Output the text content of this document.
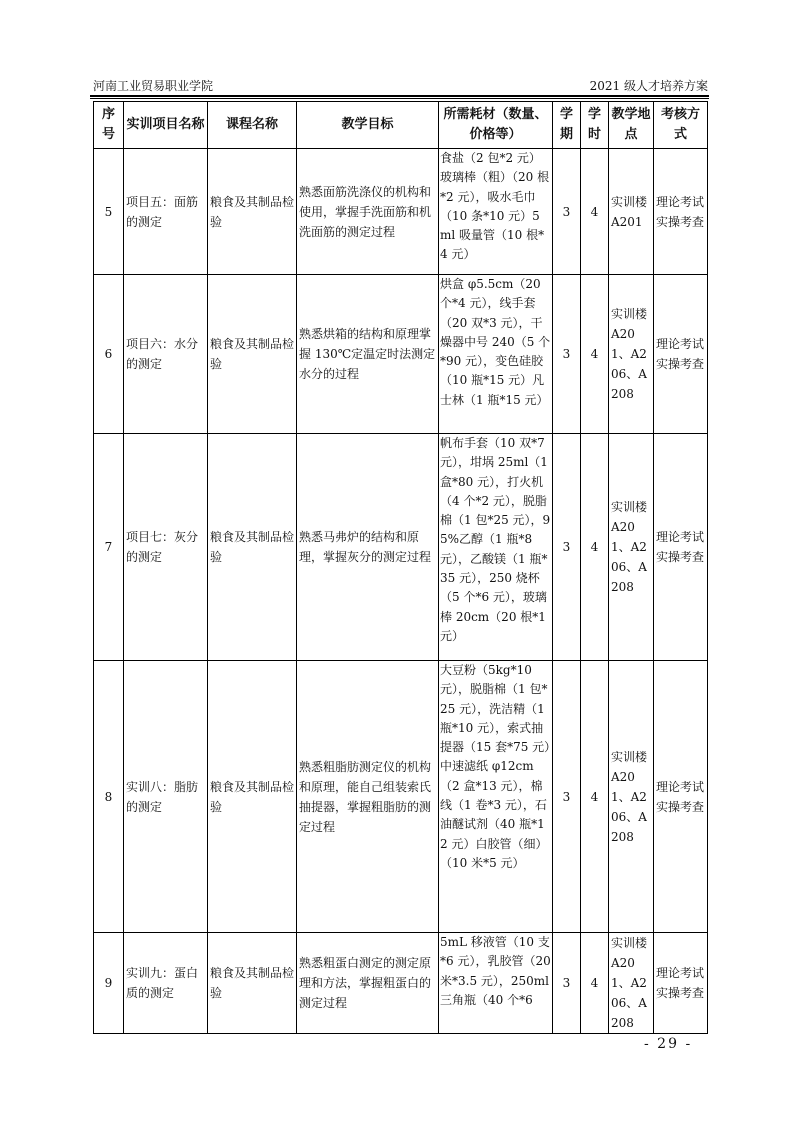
河南工业贸易职业学院	2021 级人才培养方案
序号	实训项目名称	课程名称	教学目标	所需耗材（数量、价格等）	学期	学时	教学地点	考核方式
5	项目五：面筋的测定	粮食及其制品检验	熟悉面筋洗涤仪的机构和使用，掌握手洗面筋和机洗面筋的测定过程	食盐（2 包*2 元）玻璃棒（粗）（20 根*2 元），吸水毛巾（10 条*10 元）5ml 吸量管（10 根*4 元）	3	4	实训楼A201	理论考试实操考查
6	项目六：水分的测定	粮食及其制品检验	熟悉烘箱的结构和原理掌握 130℃定温定时法测定水分的过程	烘盒 φ5.5cm（20 个*4 元），线手套（20 双*3 元），干燥器中号 240（5 个*90 元），变色硅胶（10 瓶*15 元）凡士林（1 瓶*15 元）	3	4	实训楼A201、A206、A208	理论考试实操考查
7	项目七：灰分的测定	粮食及其制品检验	熟悉马弗炉的结构和原理，掌握灰分的测定过程	帆布手套（10 双*7 元），坩埚 25ml（1 盒*80 元），打火机（4 个*2 元），脱脂棉（1 包*25 元），95%乙醇（1 瓶*8 元），乙酸镁（1 瓶*35 元），250 烧杯（5 个*6 元），玻璃棒 20cm（20 根*1 元）	3	4	实训楼A201、A206、A208	理论考试实操考查
8	实训八：脂肪的测定	粮食及其制品检验	熟悉粗脂肪测定仪的机构和原理，能自己组装索氏抽提器，掌握粗脂肪的测定过程	大豆粉（5kg*10 元），脱脂棉（1 包*25 元），洗洁精（1 瓶*10 元），索式抽提器（15 套*75 元）中速滤纸 φ12cm（2 盒*13 元），棉线（1 卷*3 元），石油醚试剂（40 瓶*12 元）白胶管（细）（10 米*5 元）	3	4	实训楼A201、A206、A208	理论考试实操考查
9	实训九：蛋白质的测定	粮食及其制品检验	熟悉粗蛋白测定的测定原理和方法，掌握粗蛋白的测定过程	5mL 移液管（10 支*6 元），乳胶管（20 米*3.5 元），250ml 三角瓶（40 个*6	3	4	实训楼A201、A206、A208	理论考试实操考查
- 29 -
